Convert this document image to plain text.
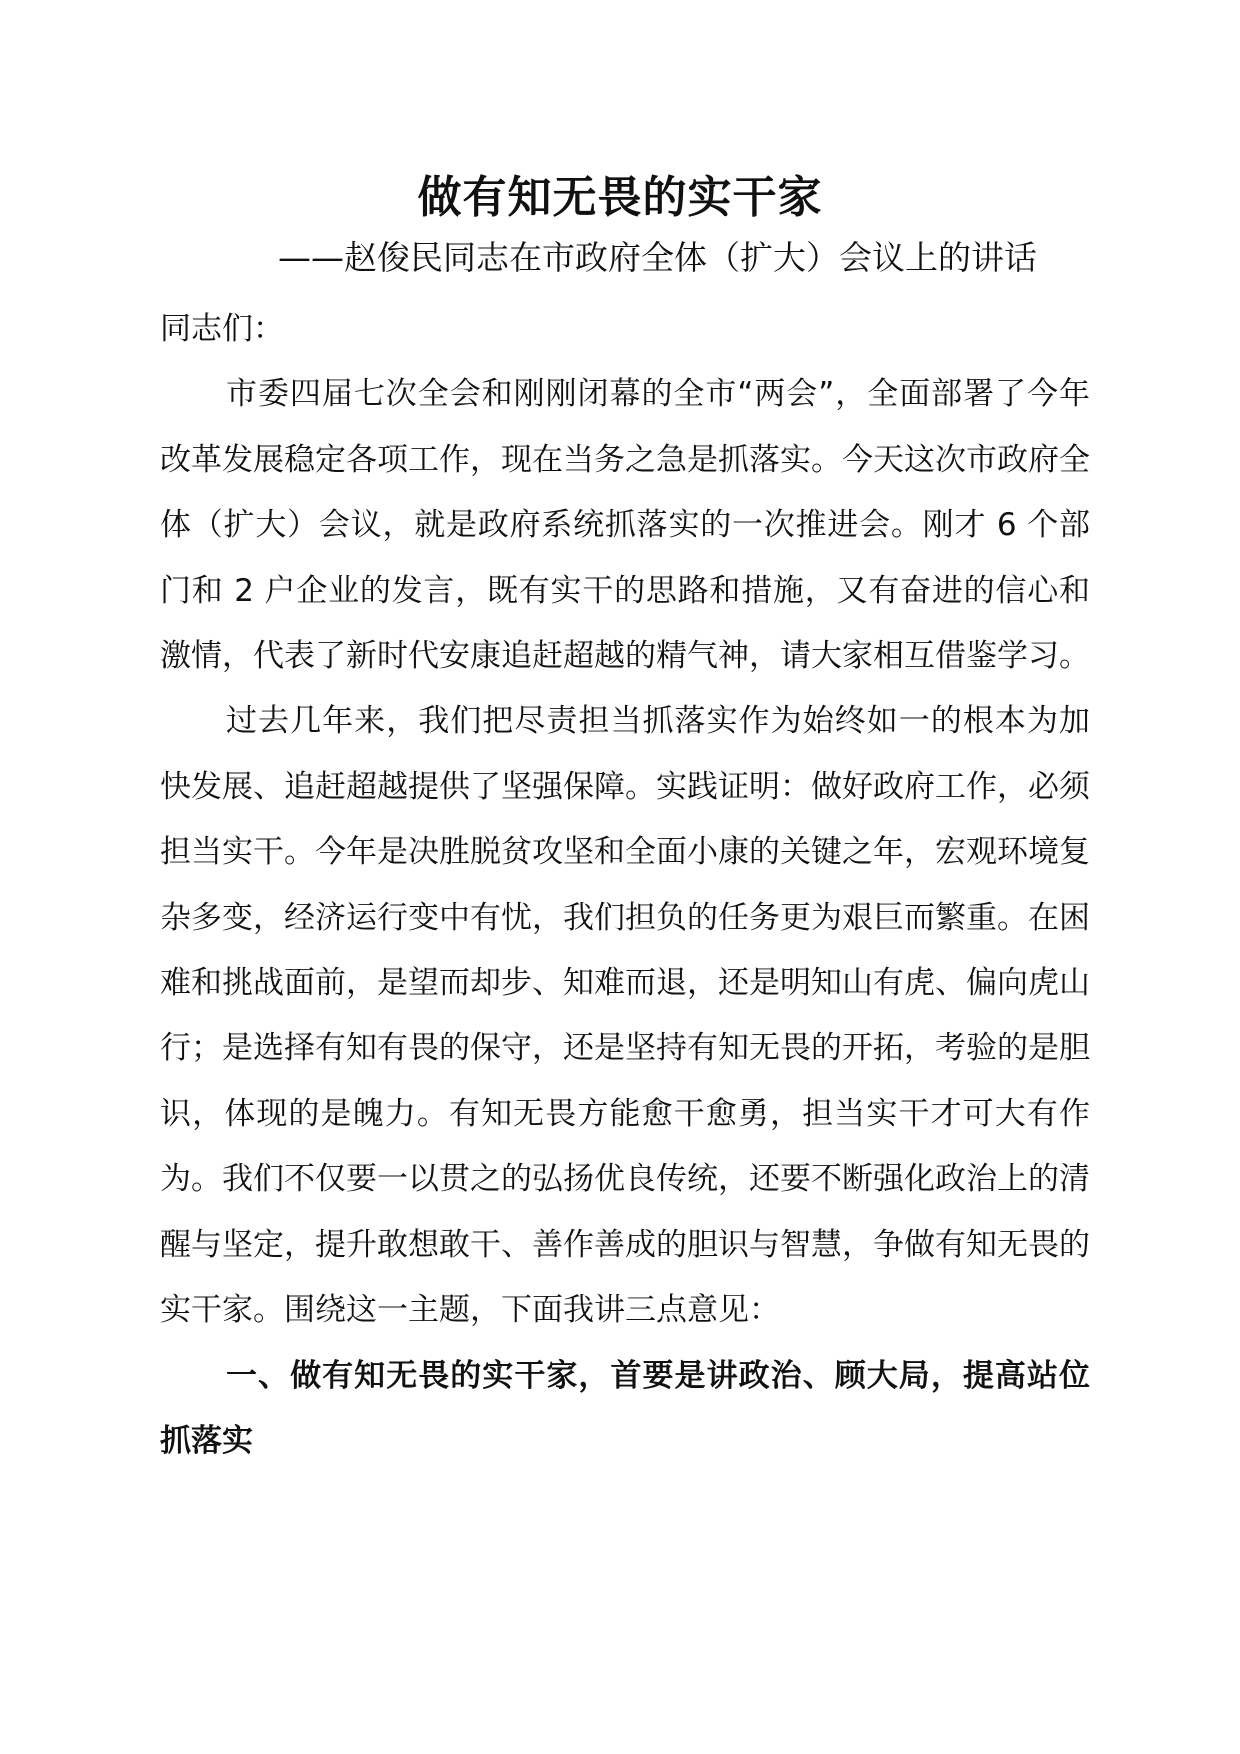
做有知无畏的实干家
——赵俊民同志在市政府全体（扩大）会议上的讲话

同志们：

市委四届七次全会和刚刚闭幕的全市“两会”，全面部署了今年改革发展稳定各项工作，现在当务之急是抓落实。今天这次市政府全体（扩大）会议，就是政府系统抓落实的一次推进会。刚才 6 个部门和 2 户企业的发言，既有实干的思路和措施，又有奋进的信心和激情，代表了新时代安康追赶超越的精气神，请大家相互借鉴学习。

过去几年来，我们把尽责担当抓落实作为始终如一的根本为加快发展、追赶超越提供了坚强保障。实践证明：做好政府工作，必须担当实干。今年是决胜脱贫攻坚和全面小康的关键之年，宏观环境复杂多变，经济运行变中有忧，我们担负的任务更为艰巨而繁重。在困难和挑战面前，是望而却步、知难而退，还是明知山有虎、偏向虎山行；是选择有知有畏的保守，还是坚持有知无畏的开拓，考验的是胆识，体现的是魄力。有知无畏方能愈干愈勇，担当实干才可大有作为。我们不仅要一以贯之的弘扬优良传统，还要不断强化政治上的清醒与坚定，提升敢想敢干、善作善成的胆识与智慧，争做有知无畏的实干家。围绕这一主题，下面我讲三点意见：

一、做有知无畏的实干家，首要是讲政治、顾大局，提高站位抓落实
